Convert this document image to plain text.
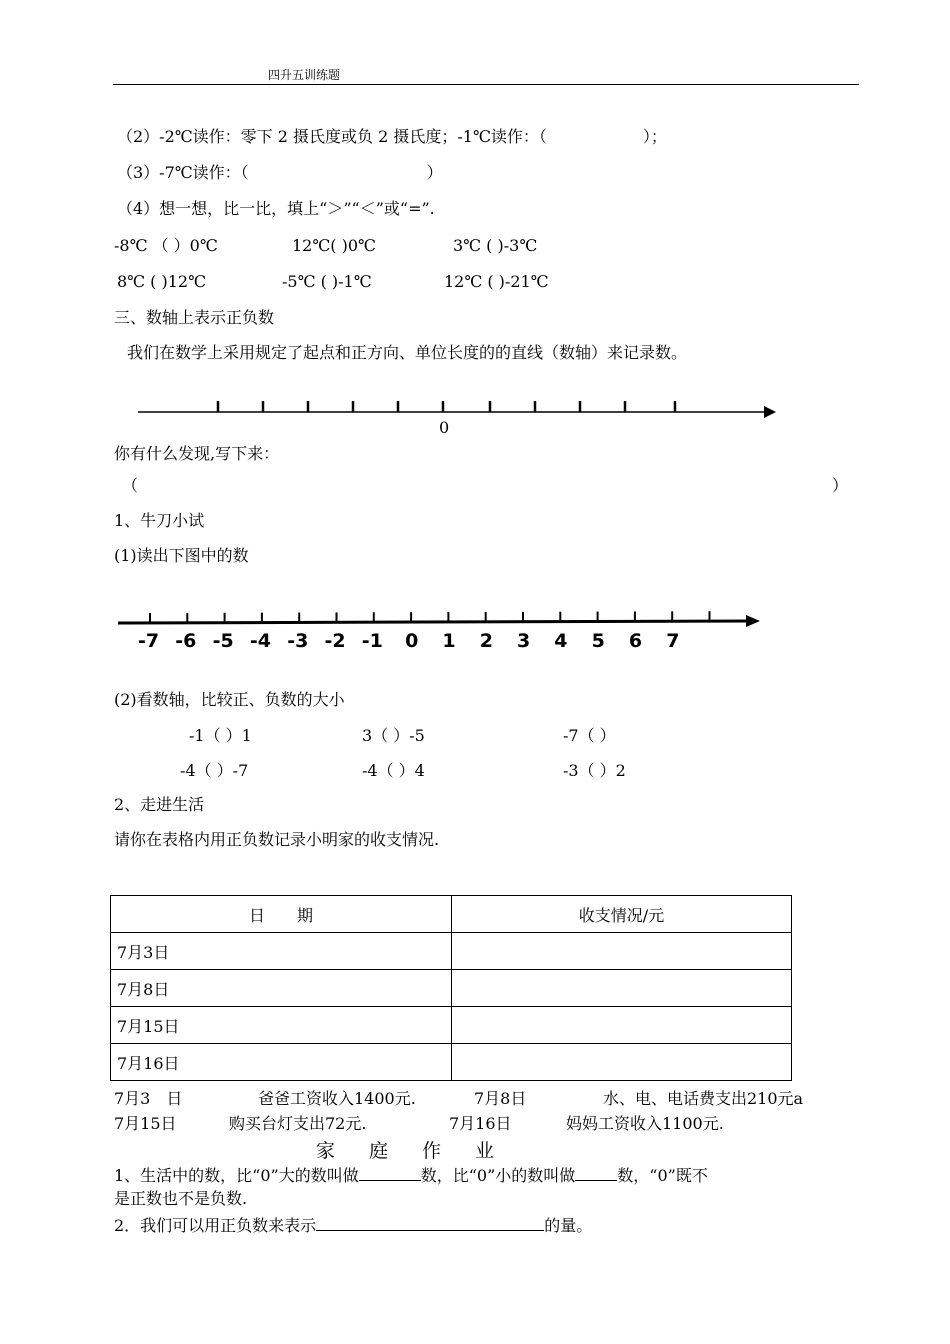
四升五训练题
（2）-2℃读作：零下 2 摄氏度或负 2 摄氏度；-1℃读作：（	）；
（3）-7℃读作：（	）
（4）想一想，比一比，填上“＞”“＜”或“=”.
-8℃ （ ）0℃	12℃( )0℃	3℃ ( )-3℃
8℃ ( )12℃	-5℃ ( )-1℃	12℃ ( )-21℃
三、数轴上表示正负数
我们在数学上采用规定了起点和正方向、单位长度的的直线（数轴）来记录数。
0
你有什么发现,写下来：
（	）
1、牛刀小试
(1)读出下图中的数
-7 -6 -5 -4 -3 -2 -1 0 1 2 3 4 5 6 7
(2)看数轴，比较正、负数的大小
-1（ ）1	3（ ）-5	-7（ ）
-4（ ）-7	-4（ ）4	-3（ ）2
2、走进生活
请你在表格内用正负数记录小明家的收支情况.
日　　期	收支情况/元
7月3日	
7月8日	
7月15日	
7月16日	
7月3　日	爸爸工资收入1400元.	7月8日	水、电、电话费支出210元a
7月15日	购买台灯支出72元.	7月16日	妈妈工资收入1100元.
家庭作业
1、生活中的数，比“0”大的数叫做	数，比“0”小的数叫做	数，“0”既不
是正数也不是负数.
2．我们可以用正负数来表示	的量。
